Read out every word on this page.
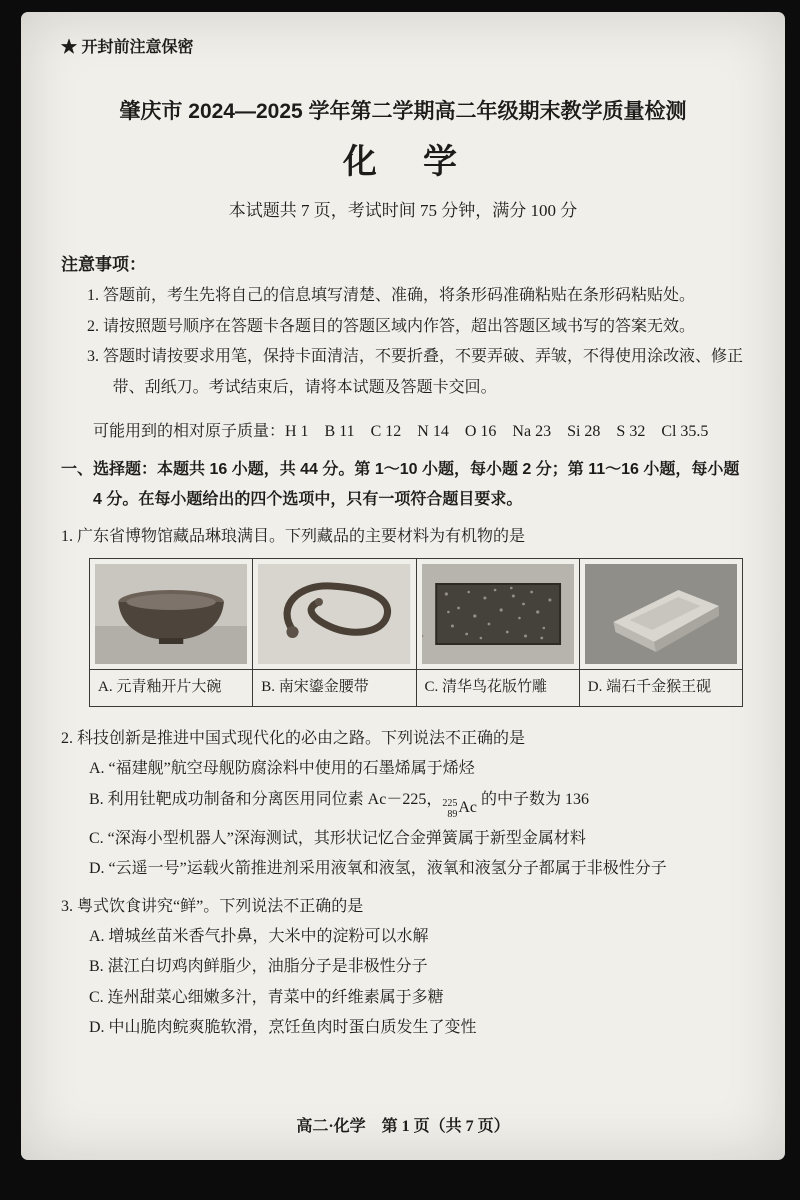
★ 开封前注意保密
肇庆市 2024—2025 学年第二学期高二年级期末教学质量检测
化　学
本试题共 7 页，考试时间 75 分钟，满分 100 分
注意事项：
1. 答题前，考生先将自己的信息填写清楚、准确，将条形码准确粘贴在条形码粘贴处。
2. 请按照题号顺序在答题卡各题目的答题区域内作答，超出答题区域书写的答案无效。
3. 答题时请按要求用笔，保持卡面清洁，不要折叠，不要弄破、弄皱，不得使用涂改液、修正带、刮纸刀。考试结束后，请将本试题及答题卡交回。
可能用到的相对原子质量：H 1　B 11　C 12　N 14　O 16　Na 23　Si 28　S 32　Cl 35.5
一、选择题：本题共 16 小题，共 44 分。第 1～10 小题，每小题 2 分；第 11～16 小题，每小题 4 分。在每小题给出的四个选项中，只有一项符合题目要求。
1. 广东省博物馆藏品琳琅满目。下列藏品的主要材料为有机物的是

A. 元青釉开片大碗	B. 南宋鎏金腰带	C. 清华鸟花版竹雕	D. 端石千金猴王砚
2. 科技创新是推进中国式现代化的必由之路。下列说法不正确的是
A. “福建舰”航空母舰防腐涂料中使用的石墨烯属于烯烃
B. 利用钍靶成功制备和分离医用同位素 Ac－225， 225
89 Ac
的中子数为 136
C. “深海小型机器人”深海测试，其形状记忆合金弹簧属于新型金属材料
D. “云遥一号”运载火箭推进剂采用液氧和液氢，液氧和液氢分子都属于非极性分子
3. 粤式饮食讲究“鲜”。下列说法不正确的是
A. 增城丝苗米香气扑鼻，大米中的淀粉可以水解
B. 湛江白切鸡肉鲜脂少，油脂分子是非极性分子
C. 连州甜菜心细嫩多汁，青菜中的纤维素属于多糖
D. 中山脆肉鲩爽脆软滑，烹饪鱼肉时蛋白质发生了变性
高二·化学　第 1 页（共 7 页）
